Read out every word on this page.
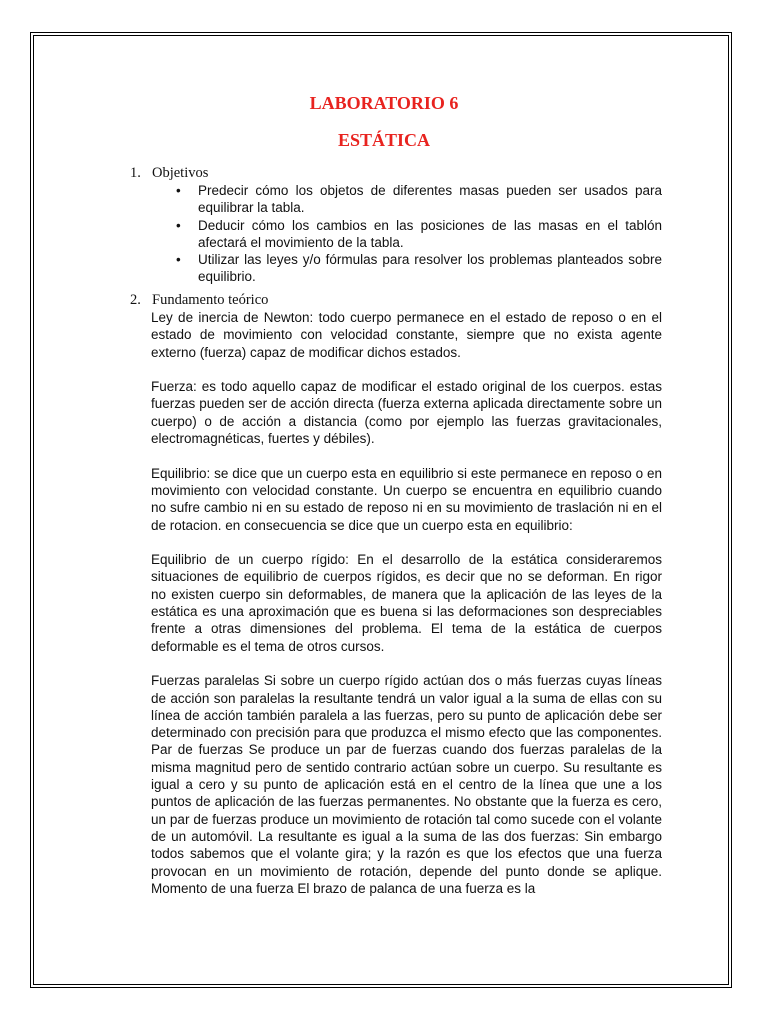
LABORATORIO 6
ESTÁTICA
1. Objetivos
• Predecir cómo los objetos de diferentes masas pueden ser usados para equilibrar la tabla.
• Deducir cómo los cambios en las posiciones de las masas en el tablón afectará el movimiento de la tabla.
• Utilizar las leyes y/o fórmulas para resolver los problemas planteados sobre equilibrio.
2. Fundamento teórico

Ley de inercia de Newton: todo cuerpo permanece en el estado de reposo o en el estado de movimiento con velocidad constante, siempre que no exista agente externo (fuerza) capaz de modificar dichos estados.

Fuerza: es todo aquello capaz de modificar el estado original de los cuerpos. estas fuerzas pueden ser de acción directa (fuerza externa aplicada directamente sobre un cuerpo) o de acción a distancia (como por ejemplo las fuerzas gravitacionales, electromagnéticas, fuertes y débiles).

Equilibrio: se dice que un cuerpo esta en equilibrio si este permanece en reposo o en movimiento con velocidad constante. Un cuerpo se encuentra en equilibrio cuando no sufre cambio ni en su estado de reposo ni en su movimiento de traslación ni en el de rotacion. en consecuencia se dice que un cuerpo esta en equilibrio:

Equilibrio de un cuerpo rígido: En el desarrollo de la estática consideraremos situaciones de equilibrio de cuerpos rígidos, es decir que no se deforman. En rigor no existen cuerpo sin deformables, de manera que la aplicación de las leyes de la estática es una aproximación que es buena si las deformaciones son despreciables frente a otras dimensiones del problema. El tema de la estática de cuerpos deformable es el tema de otros cursos.

Fuerzas paralelas Si sobre un cuerpo rígido actúan dos o más fuerzas cuyas líneas de acción son paralelas la resultante tendrá un valor igual a la suma de ellas con su línea de acción también paralela a las fuerzas, pero su punto de aplicación debe ser determinado con precisión para que produzca el mismo efecto que las componentes. Par de fuerzas Se produce un par de fuerzas cuando dos fuerzas paralelas de la misma magnitud pero de sentido contrario actúan sobre un cuerpo. Su resultante es igual a cero y su punto de aplicación está en el centro de la línea que une a los puntos de aplicación de las fuerzas permanentes. No obstante que la fuerza es cero, un par de fuerzas produce un movimiento de rotación tal como sucede con el volante de un automóvil. La resultante es igual a la suma de las dos fuerzas: Sin embargo todos sabemos que el volante gira; y la razón es que los efectos que una fuerza provocan en un movimiento de rotación, depende del punto donde se aplique. Momento de una fuerza El brazo de palanca de una fuerza es la
